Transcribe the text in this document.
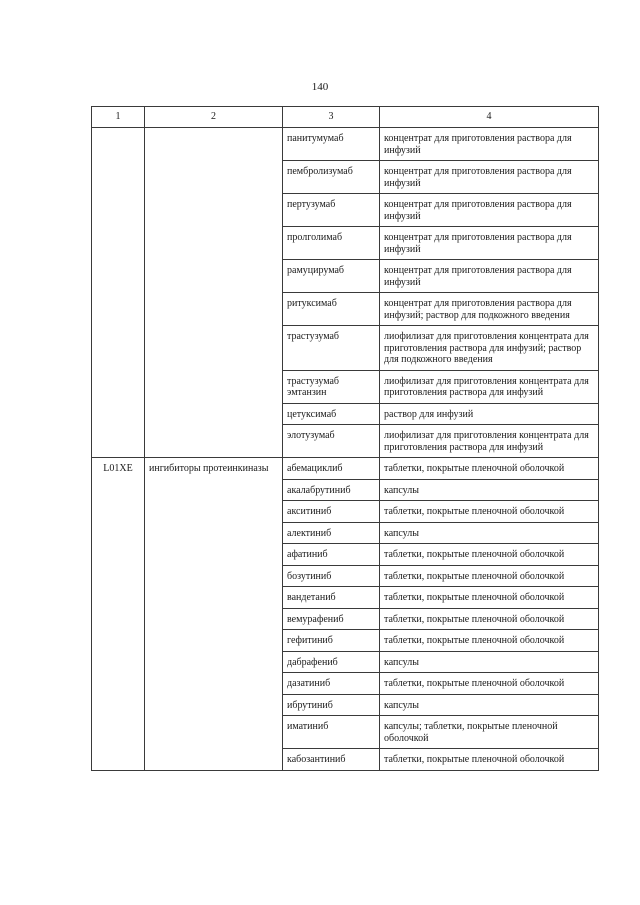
140
1	2	3	4
		панитумумаб	концентрат для приготовления раствора для инфузий
		пембролизумаб	концентрат для приготовления раствора для инфузий
		пертузумаб	концентрат для приготовления раствора для инфузий
		пролголимаб	концентрат для приготовления раствора для инфузий
		рамуцирумаб	концентрат для приготовления раствора для инфузий
		ритуксимаб	концентрат для приготовления раствора для инфузий; раствор для подкожного введения
		трастузумаб	лиофилизат для приготовления концентрата для приготовления раствора для инфузий; раствор для подкожного введения
		трастузумаб эмтанзин	лиофилизат для приготовления концентрата для приготовления раствора для инфузий
		цетуксимаб	раствор для инфузий
		элотузумаб	лиофилизат для приготовления концентрата для приготовления раствора для инфузий
L01XE	ингибиторы протеинкиназы	абемациклиб	таблетки, покрытые пленочной оболочкой
		акалабрутиниб	капсулы
		акситиниб	таблетки, покрытые пленочной оболочкой
		алектиниб	капсулы
		афатиниб	таблетки, покрытые пленочной оболочкой
		бозутиниб	таблетки, покрытые пленочной оболочкой
		вандетаниб	таблетки, покрытые пленочной оболочкой
		вемурафениб	таблетки, покрытые пленочной оболочкой
		гефитиниб	таблетки, покрытые пленочной оболочкой
		дабрафениб	капсулы
		дазатиниб	таблетки, покрытые пленочной оболочкой
		ибрутиниб	капсулы
		иматиниб	капсулы; таблетки, покрытые пленочной оболочкой
		кабозантиниб	таблетки, покрытые пленочной оболочкой
